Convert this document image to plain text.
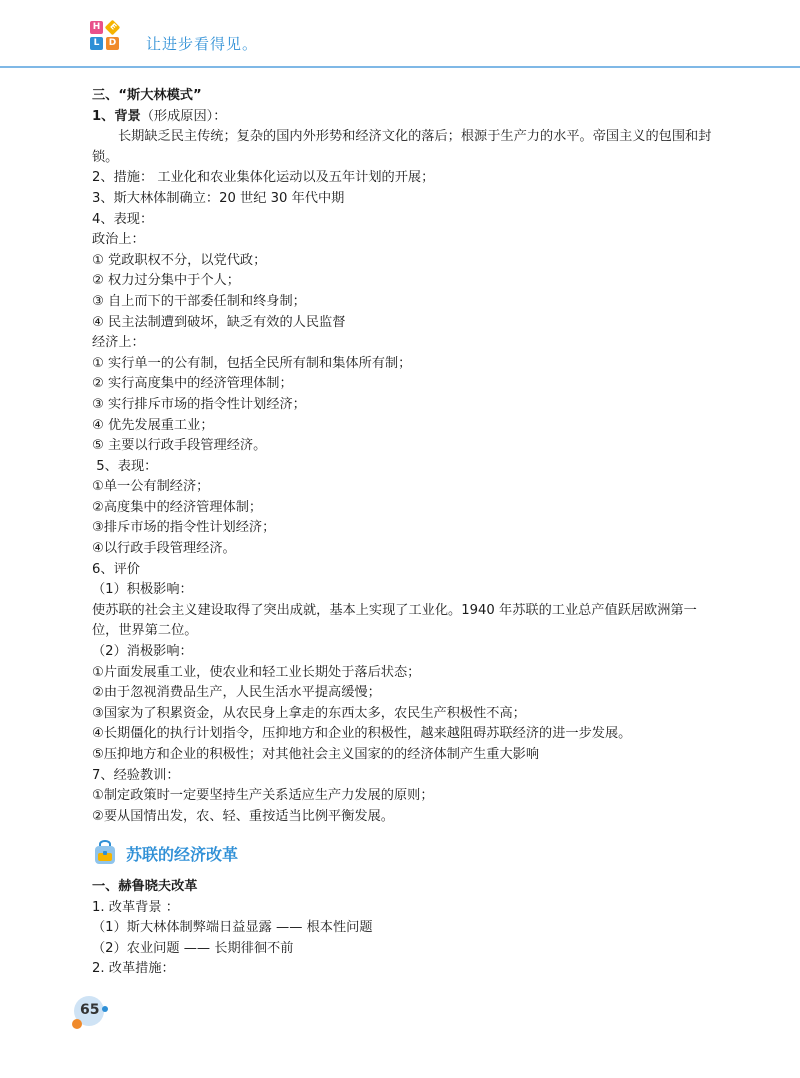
H E
L	D 让进步看得见。

三、“斯大林模式”

1、背景（形成原因）：

长期缺乏民主传统；复杂的国内外形势和经济文化的落后；根源于生产力的水平。帝国主义的包围和封锁。

2、措施： 工业化和农业集体化运动以及五年计划的开展；

3、斯大林体制确立：20 世纪 30 年代中期

4、表现：

政治上：

① 党政职权不分，以党代政；

② 权力过分集中于个人；

③ 自上而下的干部委任制和终身制；

④ 民主法制遭到破坏，缺乏有效的人民监督

经济上：

① 实行单一的公有制，包括全民所有制和集体所有制；

② 实行高度集中的经济管理体制；

③ 实行排斥市场的指令性计划经济；

④ 优先发展重工业；

⑤ 主要以行政手段管理经济。

5、表现：

①单一公有制经济；

②高度集中的经济管理体制；

③排斥市场的指令性计划经济；

④以行政手段管理经济。

6、评价

（1）积极影响：

使苏联的社会主义建设取得了突出成就，基本上实现了工业化。1940 年苏联的工业总产值跃居欧洲第一位，世界第二位。

（2）消极影响：

①片面发展重工业，使农业和轻工业长期处于落后状态；

②由于忽视消费品生产，人民生活水平提高缓慢；

③国家为了积累资金，从农民身上拿走的东西太多，农民生产积极性不高；

④长期僵化的执行计划指令，压抑地方和企业的积极性，越来越阻碍苏联经济的进一步发展。

⑤压抑地方和企业的积极性；对其他社会主义国家的的经济体制产生重大影响

7、经验教训：

①制定政策时一定要坚持生产关系适应生产力发展的原则；

②要从国情出发，农、轻、重按适当比例平衡发展。

苏联的经济改革

一、赫鲁晓夫改革

1. 改革背景 ：

（1）斯大林体制弊端日益显露 —— 根本性问题

（2）农业问题 —— 长期徘徊不前

2. 改革措施：

65
